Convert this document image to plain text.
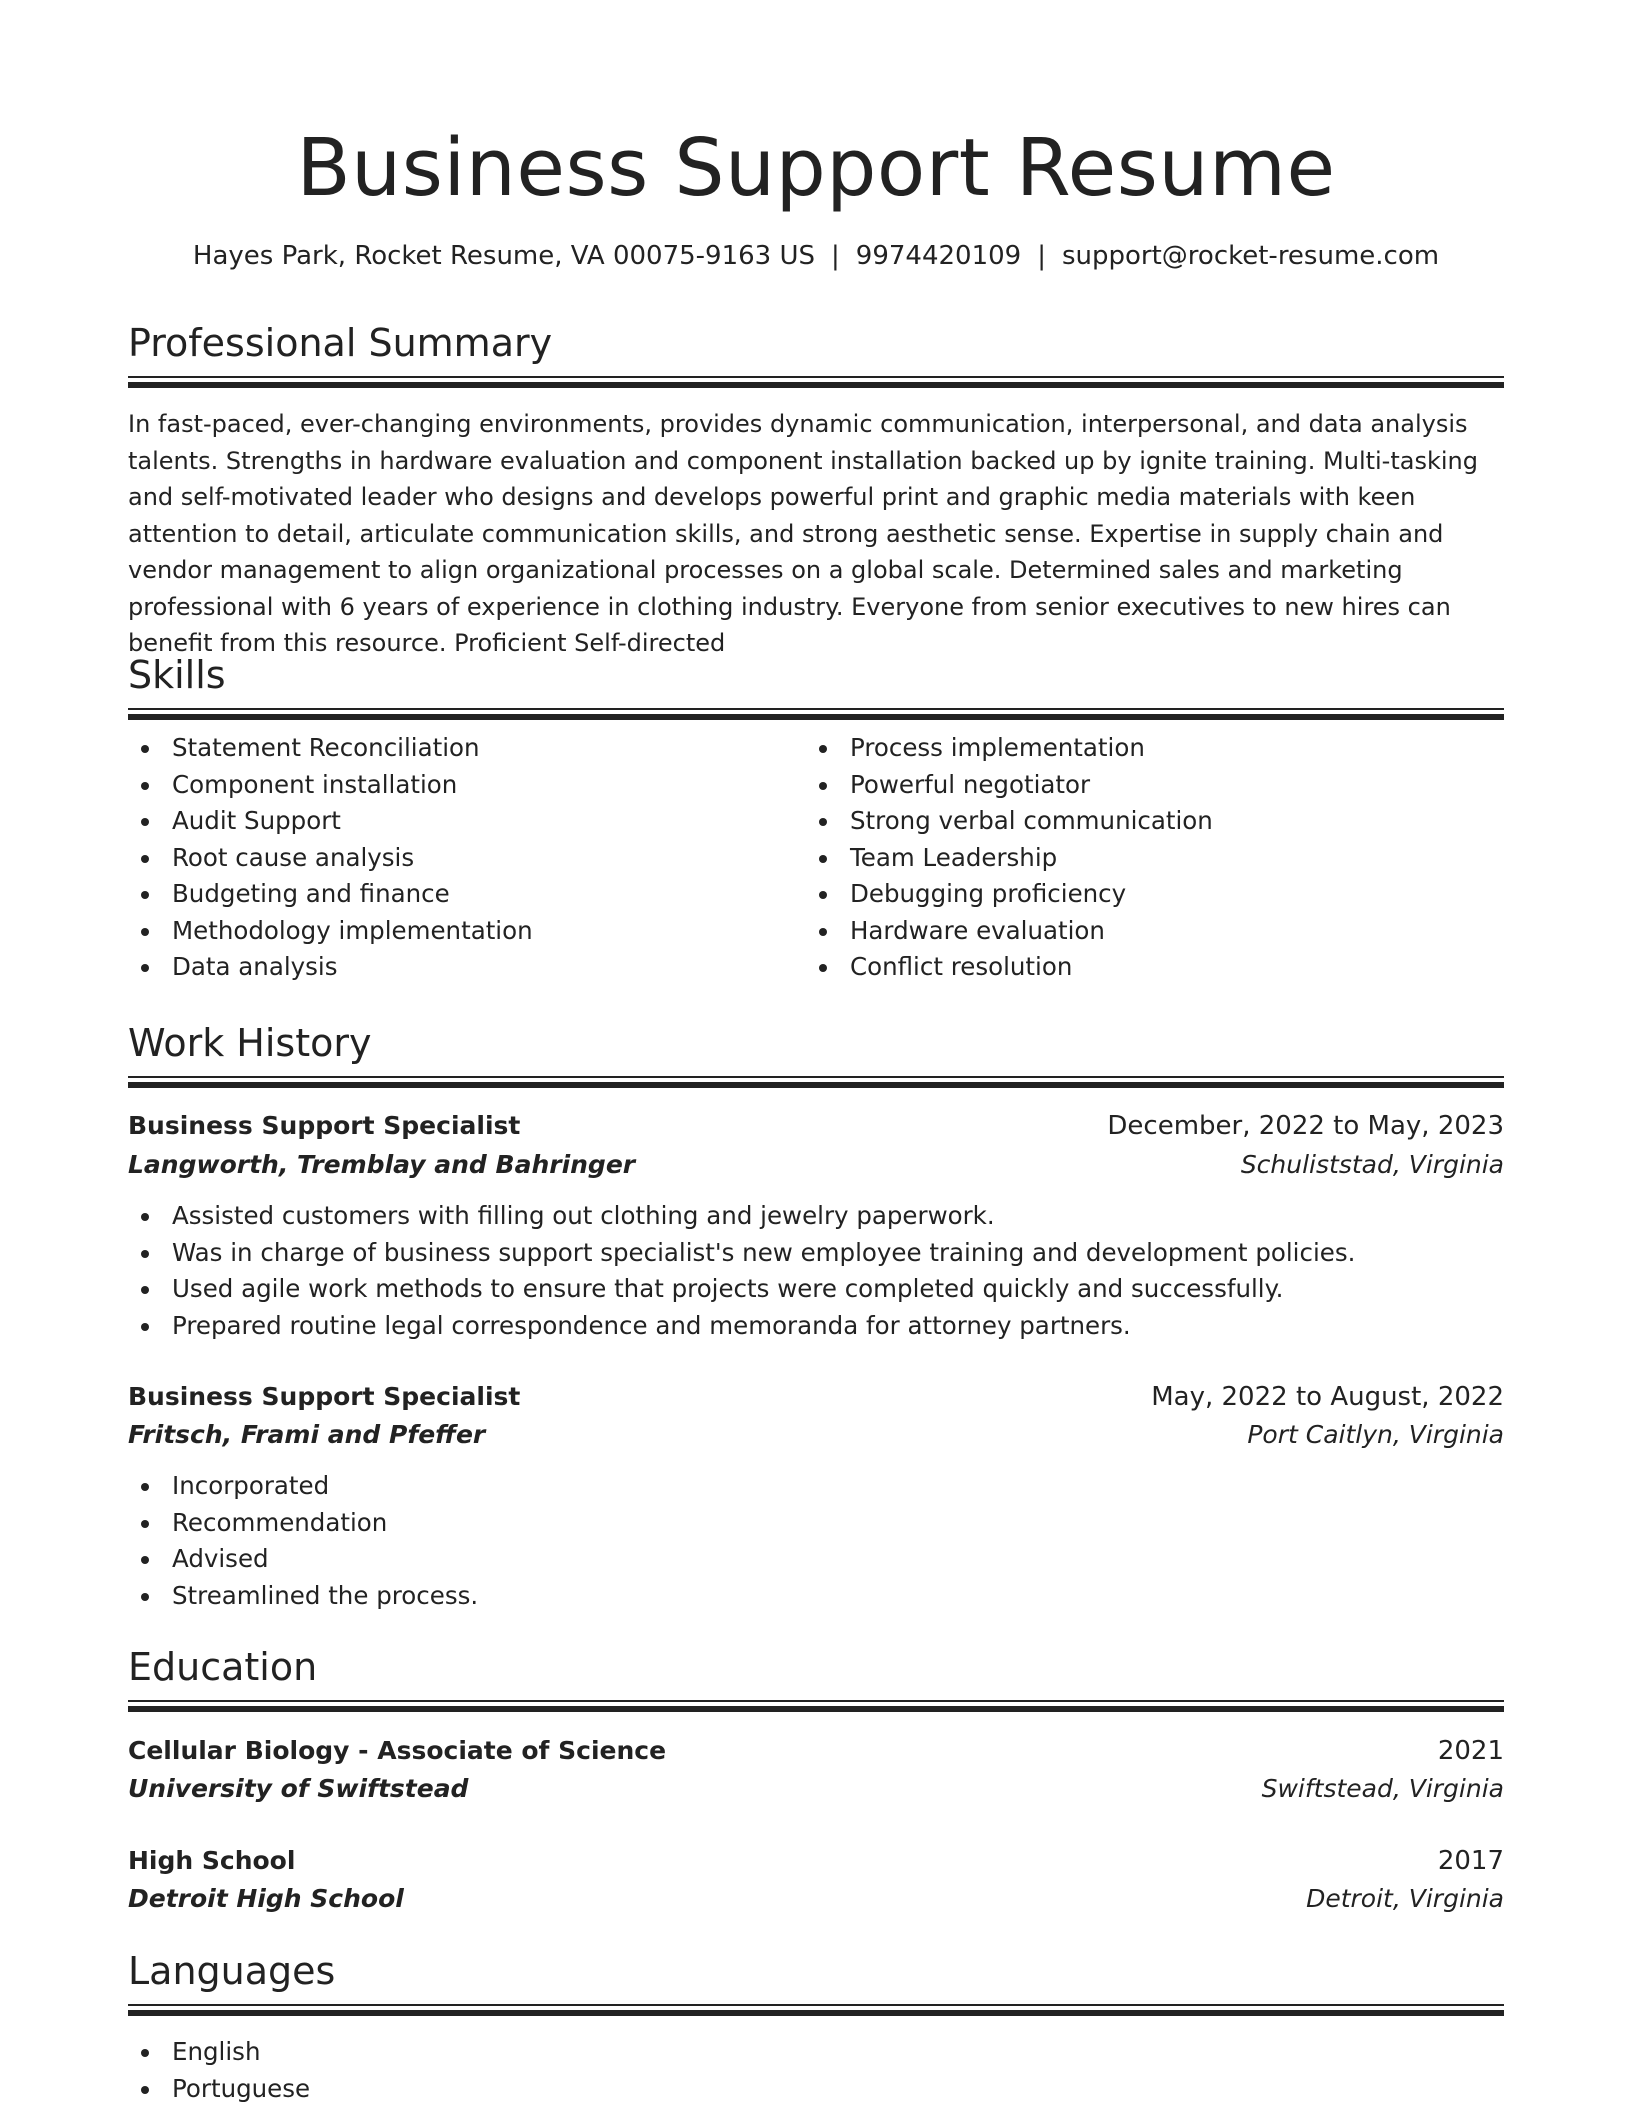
Business Support Resume
Hayes Park, Rocket Resume, VA 00075-9163 US | 9974420109 | support@rocket-resume.com
Professional Summary

In fast-paced, ever-changing environments, provides dynamic communication, interpersonal, and data analysis talents. Strengths in hardware evaluation and component installation backed up by ignite training. Multi-tasking and self-motivated leader who designs and develops powerful print and graphic media materials with keen attention to detail, articulate communication skills, and strong aesthetic sense. Expertise in supply chain and vendor management to align organizational processes on a global scale. Determined sales and marketing professional with 6 years of experience in clothing industry. Everyone from senior executives to new hires can benefit from this resource. Proficient Self-directed

Skills
Statement Reconciliation
Component installation
Audit Support
Root cause analysis
Budgeting and finance
Methodology implementation
Data analysis
Process implementation
Powerful negotiator
Strong verbal communication
Team Leadership
Debugging proficiency
Hardware evaluation
Conflict resolution
Work History
Business Support Specialist	December, 2022 to May, 2023
Langworth, Tremblay and Bahringer	Schuliststad, Virginia
Assisted customers with filling out clothing and jewelry paperwork.
Was in charge of business support specialist's new employee training and development policies.
Used agile work methods to ensure that projects were completed quickly and successfully.
Prepared routine legal correspondence and memoranda for attorney partners.
Business Support Specialist	May, 2022 to August, 2022
Fritsch, Frami and Pfeffer	Port Caitlyn, Virginia
Incorporated
Recommendation
Advised
Streamlined the process.
Education
Cellular Biology - Associate of Science	2021
University of Swiftstead	Swiftstead, Virginia
High School	2017
Detroit High School	Detroit, Virginia
Languages
English
Portuguese
